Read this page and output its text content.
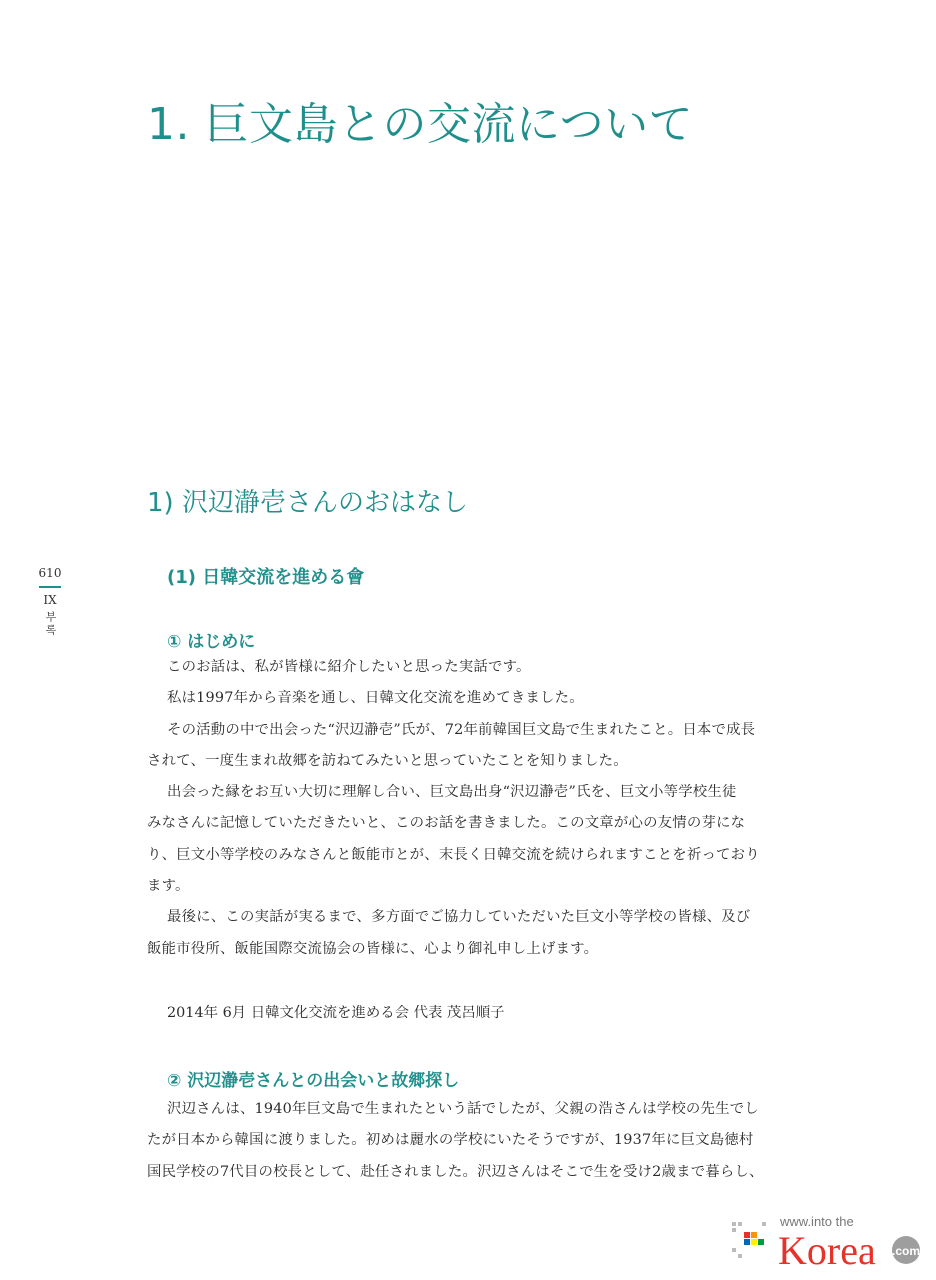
1. 巨文島との交流について
1) 沢辺瀞壱さんのおはなし
610
IX
부록
(1) 日韓交流を進める會
① はじめに
このお話は、私が皆様に紹介したいと思った実話です。
私は1997年から音楽を通し、日韓文化交流を進めてきました。
その活動の中で出会った“沢辺瀞壱”氏が、72年前韓国巨文島で生まれたこと。日本で成長
されて、一度生まれ故郷を訪ねてみたいと思っていたことを知りました。
出会った縁をお互い大切に理解し合い、巨文島出身“沢辺瀞壱”氏を、巨文小等学校生徒
みなさんに記憶していただきたいと、このお話を書きました。この文章が心の友情の芽にな
り、巨文小等学校のみなさんと飯能市とが、末長く日韓交流を続けられますことを祈っており
ます。
最後に、この実話が実るまで、多方面でご協力していただいた巨文小等学校の皆様、及び
飯能市役所、飯能国際交流協会の皆様に、心より御礼申し上げます。
2014年 6月 日韓文化交流を進める会 代表 茂呂順子
② 沢辺瀞壱さんとの出会いと故郷探し
沢辺さんは、1940年巨文島で生まれたという話でしたが、父親の浩さんは学校の先生でし
たが日本から韓国に渡りました。初めは麗水の学校にいたそうですが、1937年に巨文島徳村
国民学校の7代目の校長として、赴任されました。沢辺さんはそこで生を受け2歳まで暮らし、
www.into the
Korea .com
